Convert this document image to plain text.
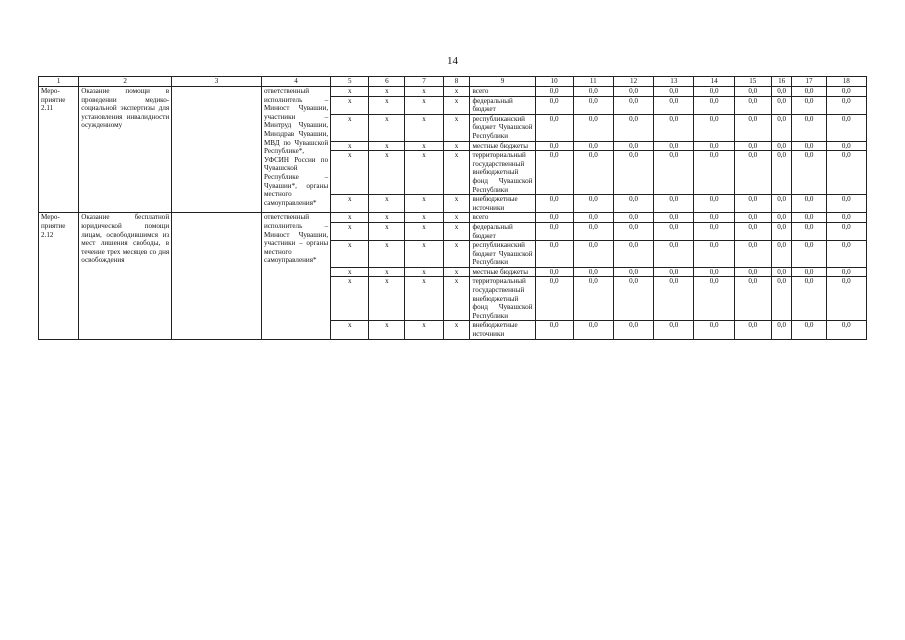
14
1	2	3	4	5	6	7	8	9	10	11	12	13	14	15	16	17	18
Меро-приятие 2.11	Оказание помощи в проведении медико-социальной экспертизы для установления инвалидности осужденному		ответственный исполнитель – Минюст Чувашии, участники – Минтруд Чувашии, Минздрав Чувашии, МВД по Чувашской Республике*, УФСИН России по Чувашской Республике – Чувашии*, органы местного самоуправления*	x	x	x	x	всего	0,0	0,0	0,0	0,0	0,0	0,0	0,0	0,0	0,0
				x	x	x	x	федеральный бюджет	0,0	0,0	0,0	0,0	0,0	0,0	0,0	0,0	0,0
				x	x	x	x	республиканский бюджет Чувашской Республики	0,0	0,0	0,0	0,0	0,0	0,0	0,0	0,0	0,0
				x	x	x	x	местные бюджеты	0,0	0,0	0,0	0,0	0,0	0,0	0,0	0,0	0,0
				x	x	x	x	территориальный государственный внебюджетный фонд Чувашской Республики	0,0	0,0	0,0	0,0	0,0	0,0	0,0	0,0	0,0
				x	x	x	x	внебюджетные источники	0,0	0,0	0,0	0,0	0,0	0,0	0,0	0,0	0,0
Меро-приятие 2.12	Оказание бесплатной юридической помощи лицам, освободившимся из мест лишения свободы, в течение трех месяцев со дня освобождения		ответственный исполнитель – Минюст Чувашии, участники – органы местного самоуправления*	x	x	x	x	всего	0,0	0,0	0,0	0,0	0,0	0,0	0,0	0,0	0,0
				x	x	x	x	федеральный бюджет	0,0	0,0	0,0	0,0	0,0	0,0	0,0	0,0	0,0
				x	x	x	x	республиканский бюджет Чувашской Республики	0,0	0,0	0,0	0,0	0,0	0,0	0,0	0,0	0,0
				x	x	x	x	местные бюджеты	0,0	0,0	0,0	0,0	0,0	0,0	0,0	0,0	0,0
				x	x	x	x	территориальный государственный внебюджетный фонд Чувашской Республики	0,0	0,0	0,0	0,0	0,0	0,0	0,0	0,0	0,0
				x	x	x	x	внебюджетные источники	0,0	0,0	0,0	0,0	0,0	0,0	0,0	0,0	0,0
